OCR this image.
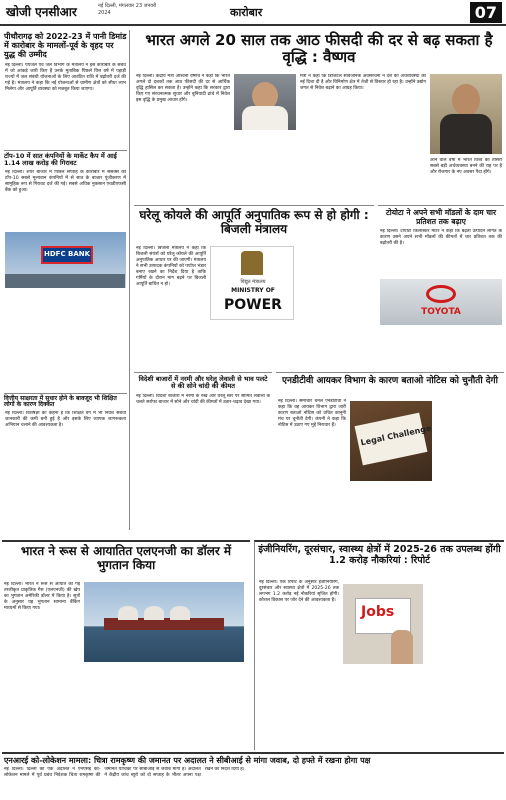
खोजी एनसीआर	नई दिल्ली, मंगलवार 23 जनवरी 2024	कारोबार	07
पीथौरागढ़ को 2022-23 में पानी डिमांड में कारोबार के मामलों-पूर्व के वृहद पर युद्ध की उम्मीद
नई दिल्ली। पेयजल एवं जल विभाग के मंत्रालय ने इस कारोबार के संबंध में जो आंकड़े जारी किए हैं उनके मुताबिक पिछले वित्त वर्ष में पहाड़ी राज्यों में जल संबंधी योजनाओं के लिए आवंटित राशि में बढ़ोतरी दर्ज की गई है। मंत्रालय ने कहा कि नई योजनाओं से ग्रामीण क्षेत्रों को सीधा लाभ मिलेगा और आपूर्ति व्यवस्था को मजबूत किया जाएगा।
टॉप-10 में सात कंपनियों के मार्केट कैप में आई 1.14 लाख करोड़ की गिरावट
नई दिल्ली। शेयर बाजार में पिछले सप्ताह के कारोबार में सेंसेक्स की टॉप-10 सबसे मूल्यवान कंपनियों में से सात के बाजार पूंजीकरण में सामूहिक रूप से गिरावट दर्ज की गई। सबसे अधिक नुकसान एचडीएफसी बैंक को हुआ।
HDFC BANK
वित्तीय साक्षरता में सुधार होने के बावजूद भी शिक्षित लोगों के कारण दिक्कत
नई दिल्ली। विशेषज्ञों का कहना है कि शिक्षित वर्ग में भी निवेश संबंधी जानकारी की कमी बनी हुई है और इसके लिए व्यापक जागरूकता अभियान चलाने की आवश्यकता है।
भारत अगले 20 साल तक आठ फीसदी की दर से बढ़ सकता है वृद्धि : वैष्णव
नई दिल्ली। केंद्रीय मंत्री अश्विनी वैष्णव ने कहा कि भारत अगले दो दशकों तक आठ फीसदी की दर से आर्थिक वृद्धि हासिल कर सकता है। उन्होंने कहा कि सरकार द्वारा किए गए संरचनात्मक सुधार और बुनियादी ढांचे में निवेश इस वृद्धि के प्रमुख आधार होंगे।
मंत्री ने कहा कि डिजिटल सार्वजनिक अवसंरचना ने देश की अर्थव्यवस्था को नई दिशा दी है और विनिर्माण क्षेत्र में तेजी से विस्तार हो रहा है। उन्होंने उद्योग जगत से निवेश बढ़ाने का आग्रह किया।
आने वाले वर्षों में भारत विश्व की तीसरी सबसे बड़ी अर्थव्यवस्था बनने की राह पर है और रोजगार के नए अवसर पैदा होंगे।
घरेलू कोयले की आपूर्ति अनुपातिक रूप से हो होगी : बिजली मंत्रालय
नई दिल्ली। बिजली मंत्रालय ने कहा कि बिजली संयंत्रों को घरेलू कोयले की आपूर्ति अनुपातिक आधार पर की जाएगी। मंत्रालय ने सभी उत्पादक कंपनियों को पर्याप्त भंडार बनाए रखने का निर्देश दिया है ताकि गर्मियों के दौरान मांग बढ़ने पर बिजली आपूर्ति बाधित न हो।	विद्युत मंत्रालय
MINISTRY OF
POWER
टोयोटा ने अपने सभी मॉडलों के दाम चार प्रतिशत तक बढ़ाए
नई दिल्ली। टोयोटा किर्लोस्कर मोटर ने कहा कि बढ़ती उत्पादन लागत के कारण उसने अपने सभी मॉडलों की कीमतों में चार प्रतिशत तक की बढ़ोतरी की है।
TOYOTA
विदेशी बाजारों में नरमी और घरेलू लेवाली से भाव पलटे से की सोने चांदी की कीमत
नई दिल्ली। विदेशी बाजारों में नरमी के रुख और घरेलू स्तर पर सीमित लेवाली के चलते सर्राफा बाजार में सोने और चांदी की कीमतों में उतार-चढ़ाव देखा गया।
एनडीटीवी आयकर विभाग के कारण बताओ नोटिस को चुनौती देगी
नई दिल्ली। समाचार चैनल एनडीटीवी ने कहा कि वह आयकर विभाग द्वारा जारी कारण बताओ नोटिस को उचित कानूनी मंच पर चुनौती देगी। कंपनी ने कहा कि नोटिस में उठाए गए मुद्दे निराधार हैं।	Legal Challenge
भारत ने रूस से आयातित एलएनजी का डॉलर में भुगतान किया
नई दिल्ली। भारत ने रूस से आयात की गई तरलीकृत प्राकृतिक गैस (एलएनजी) की खेप का भुगतान अमेरिकी डॉलर में किया है। सूत्रों के अनुसार यह भुगतान सामान्य बैंकिंग माध्यमों से किया गया।
इंजीनियरिंग, दूरसंचार, स्वास्थ्य क्षेत्रों में 2025-26 तक उपलब्ध होंगी 1.2 करोड़ नौकरियां : रिपोर्ट
नई दिल्ली। एक रिपोर्ट के अनुसार इंजीनियरिंग, दूरसंचार और स्वास्थ्य क्षेत्रों में 2025-26 तक लगभग 1.2 करोड़ नई नौकरियां सृजित होंगी। कौशल विकास पर जोर देने की आवश्यकता है।
Jobs
एनआरई को-लोकेशन मामला: चित्रा रामकृष्ण की जमानत पर अदालत ने सीबीआई से मांगा जवाब, दो हफ्ते में रखना होगा पक्ष
नई दिल्ली। दिल्ली की एक अदालत ने एनएसई को-लोकेशन मामले में पूर्व प्रबंध निदेशक चित्रा रामकृष्ण की जमानत याचिका पर सीबीआई से जवाब मांगा है। अदालत ने केंद्रीय जांच ब्यूरो को दो सप्ताह के भीतर अपना पक्ष रखने का निर्देश दिया है।
